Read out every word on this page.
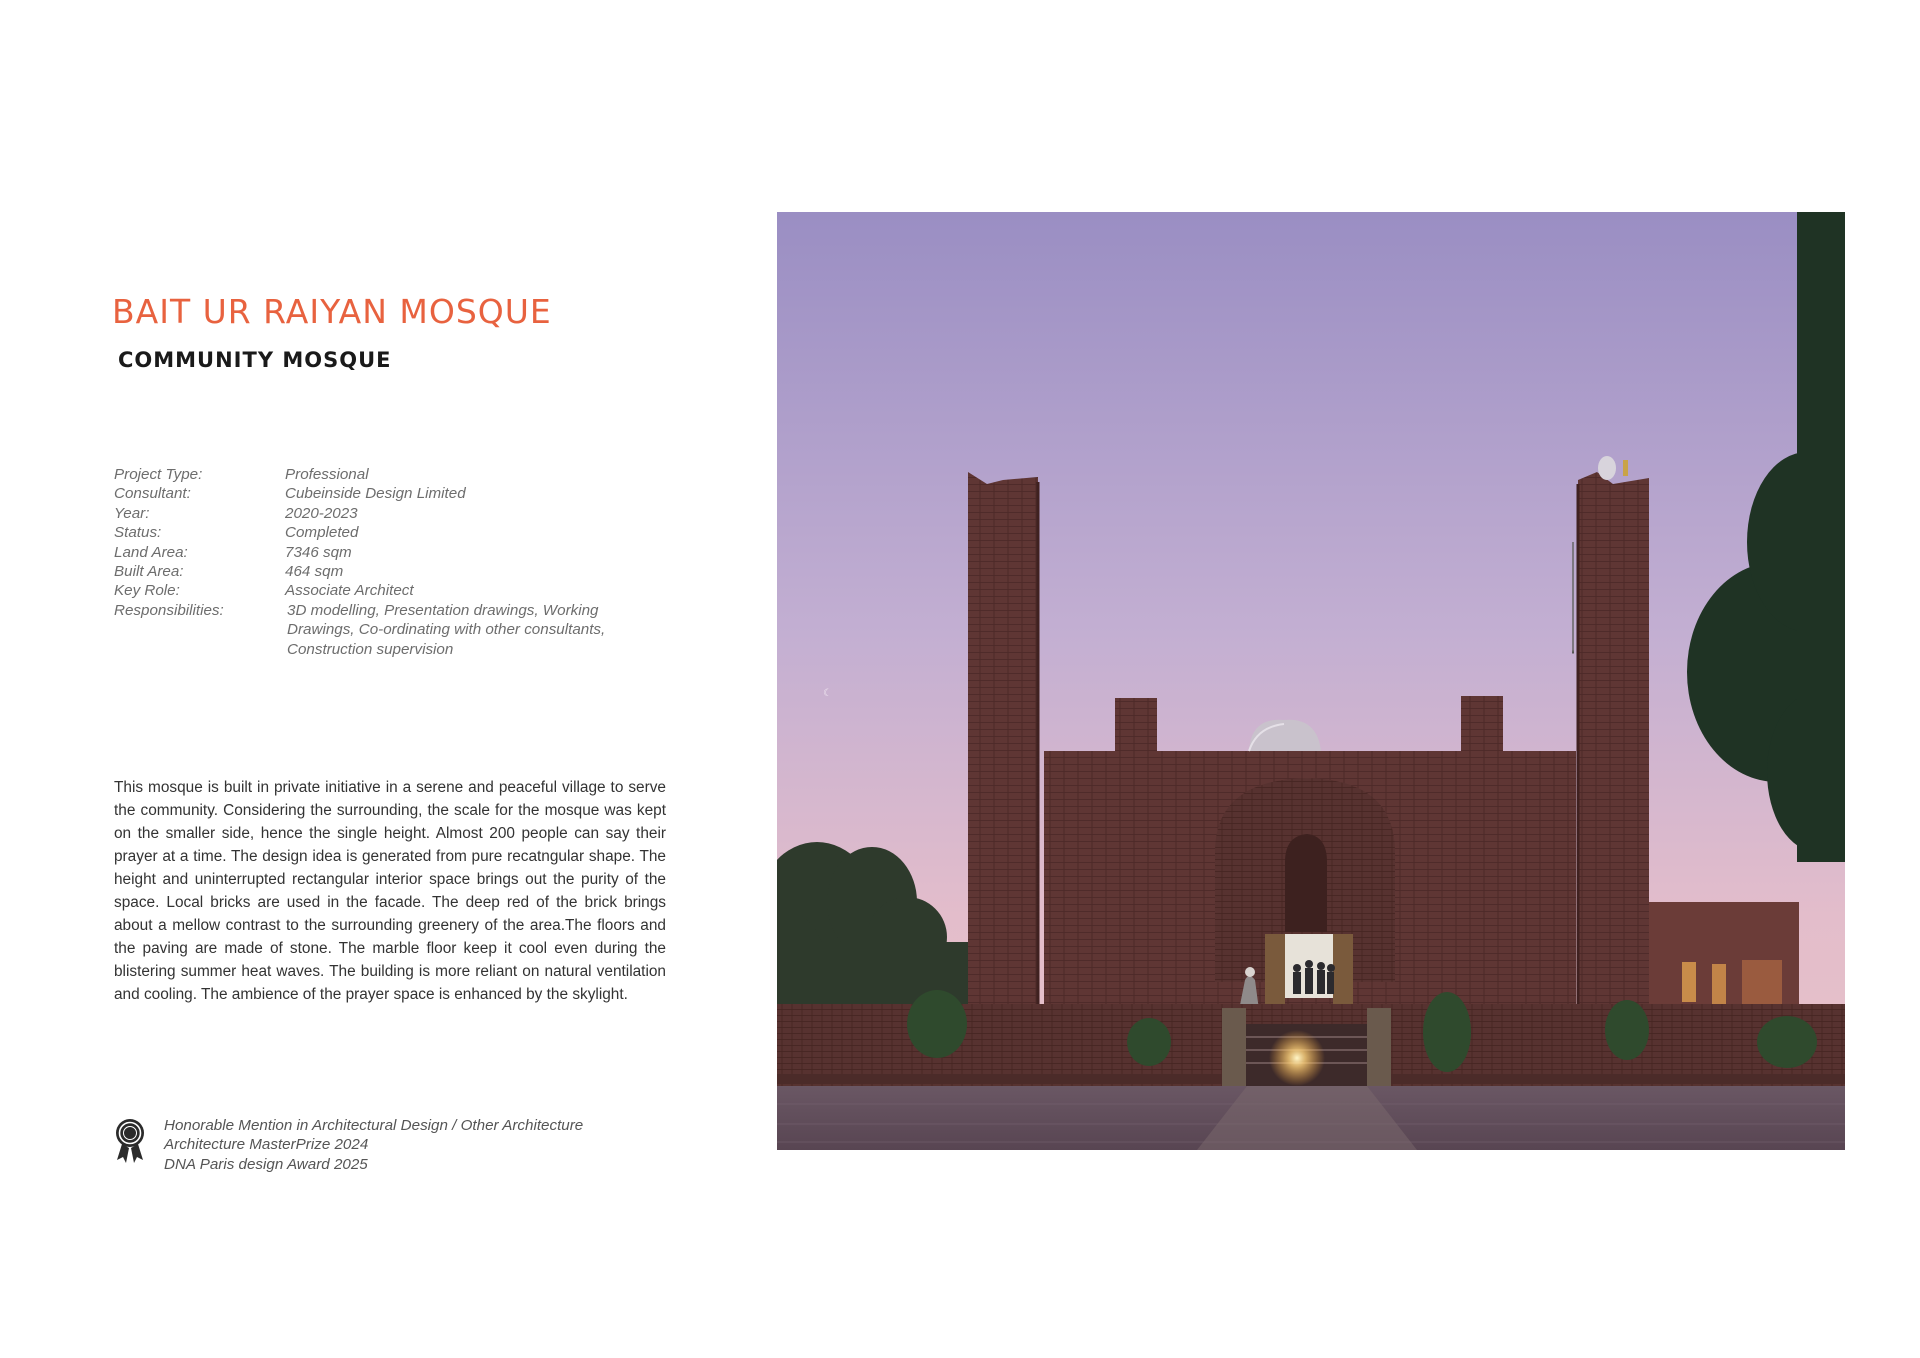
BAIT UR RAIYAN MOSQUE
COMMUNITY MOSQUE
Project Type:	Professional
Consultant:	Cubeinside Design Limited
Year:	2020-2023
Status:	Completed
Land Area:	7346 sqm
Built Area:	464 sqm
Key Role:	Associate Architect
Responsibilities:	3D modelling, Presentation drawings, Working
Drawings, Co-ordinating with other consultants,
Construction supervision

This mosque is built in private initiative in a serene and peaceful village to serve the community. Considering the surrounding, the scale for the mosque was kept on the smaller side, hence the single height. Almost 200 people can say their prayer at a time. The design idea is generated from pure recatngular shape. The height and uninterrupted rectangular interior space brings out the purity of the space. Local bricks are used in the facade. The deep red of the brick brings about a mellow contrast to the surrounding greenery of the area.The floors and the paving are made of stone. The marble floor keep it cool even during the blistering summer heat waves. The building is more reliant on natural ventilation and cooling. The ambience of the prayer space is enhanced by the skylight.

Honorable Mention in Architectural Design / Other Architecture
Architecture MasterPrize 2024
DNA Paris design Award 2025
☾
